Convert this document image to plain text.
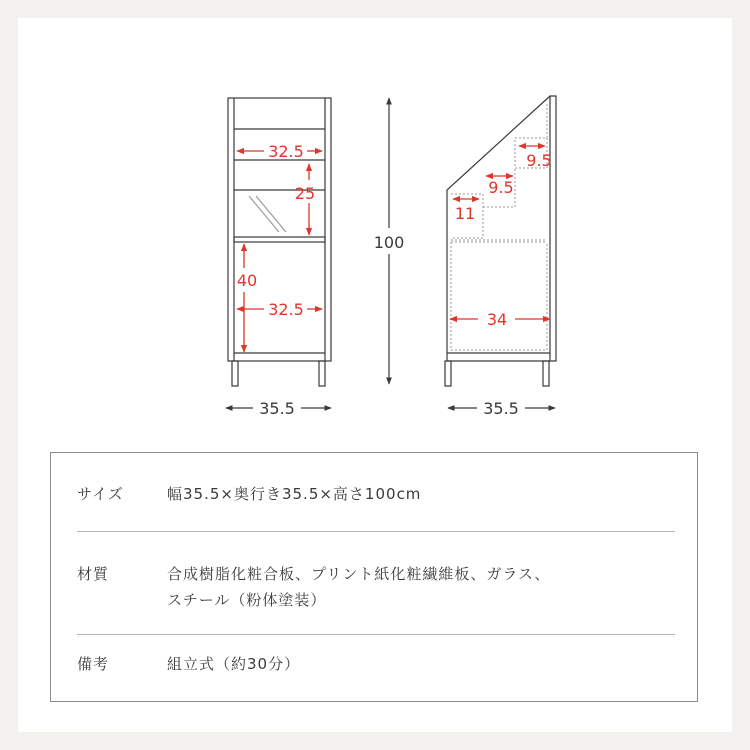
32.5
25
40
32.5
100
35.5
9.5
9.5
11
34
35.5
サイズ	幅35.5×奥行き35.5×高さ100cm
材質	合成樹脂化粧合板、プリント紙化粧繊維板、ガラス、
スチール（粉体塗装）
備考	組立式（約30分）
